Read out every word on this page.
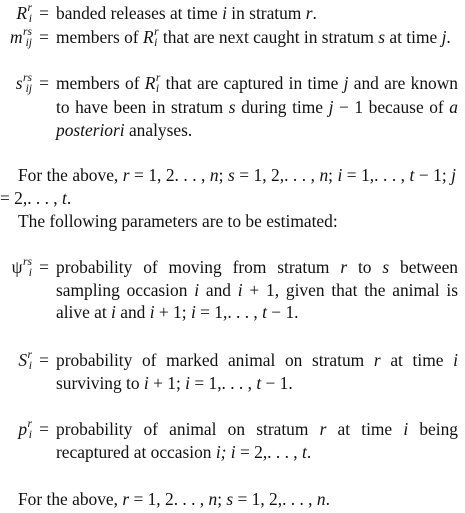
R r
i = banded releases at time i in stratum r.
m rs
ij = members of R r
i that are next caught in stratum s at time j.
s rs
ij = members of R r
i that are captured in time j and are known to have been in stratum s during time j − 1 because of a posteriori analyses.
For the above, r = 1, 2. . . , n; s = 1, 2,. . . , n; i = 1,. . . , t − 1; j = 2,. . . , t.
The following parameters are to be estimated:
ψ rs
i = probability of moving from stratum r to s between sampling occasion i and i + 1, given that the animal is alive at i and i + 1; i = 1,. . . , t − 1.
S r
i = probability of marked animal on stratum r at time i surviving to i + 1; i = 1,. . . , t − 1.
p r
i = probability of animal on stratum r at time i being recaptured at occasion i; i = 2,. . . , t.
For the above, r = 1, 2. . . , n; s = 1, 2,. . . , n.
